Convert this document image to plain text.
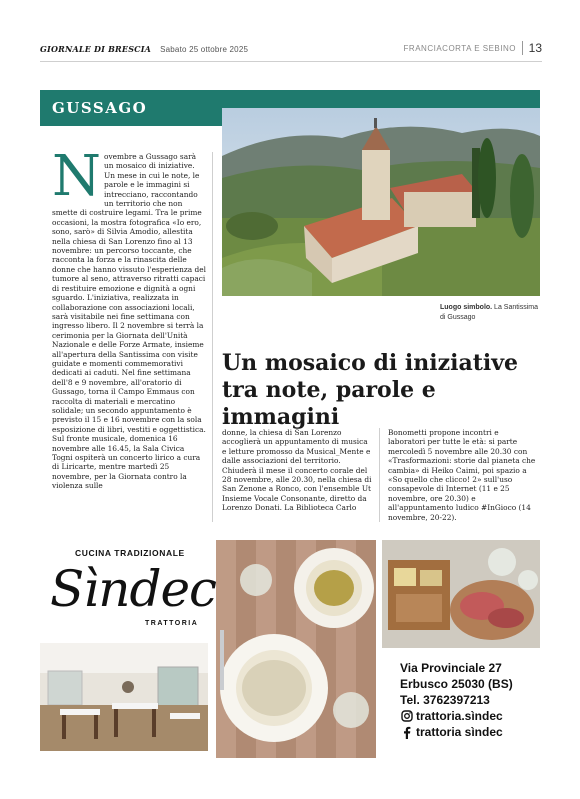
GIORNALE DI BRESCIA Sabato 25 ottobre 2025	FRANCIACORTA E SEBINO	13
GUSSAGO
Luogo simbolo. La Santissima di Gussago
N ovembre a Gussago sarà un mosaico di iniziative. Un mese in cui le note, le parole e le immagini si intrecciano, raccontando un territorio che non smette di costruire legami. Tra le prime occasioni, la mostra fotografica «Io ero, sono, sarò» di Silvia Amodio, allestita nella chiesa di San Lorenzo fino al 13 novembre: un percorso toccante, che racconta la forza e la rinascita delle donne che hanno vissuto l'esperienza del tumore al seno, attraverso ritratti capaci di restituire emozione e dignità a ogni sguardo. L'iniziativa, realizzata in collaborazione con associazioni locali, sarà visitabile nei fine settimana con ingresso libero. Il 2 novembre si terrà la cerimonia per la Giornata dell'Unità Nazionale e delle Forze Armate, insieme all'apertura della Santissima con visite guidate e momenti commemorativi dedicati ai caduti. Nel fine settimana dell'8 e 9 novembre, all'oratorio di Gussago, torna il Campo Emmaus con raccolta di materiali e mercatino solidale; un secondo appuntamento è previsto il 15 e 16 novembre con la sola esposizione di libri, vestiti e oggettistica. Sul fronte musicale, domenica 16 novembre alle 16.45, la Sala Civica Togni ospiterà un concerto lirico a cura di Liricarte, mentre martedì 25 novembre, per la Giornata contro la violenza sulle
Un mosaico di iniziative tra note, parole e immagini
donne, la chiesa di San Lorenzo accoglierà un appuntamento di musica e letture promosso da Musical_Mente e dalle associazioni del territorio. Chiuderà il mese il concerto corale del 28 novembre, alle 20.30, nella chiesa di San Zenone a Ronco, con l'ensemble Ut Insieme Vocale Consonante, diretto da Lorenzo Donati. La Biblioteca Carlo
Bonometti propone incontri e laboratori per tutte le età: si parte mercoledì 5 novembre alle 20.30 con «Trasformazioni: storie dal pianeta che cambia» di Heiko Caimi, poi spazio a «So quello che clicco! 2» sull'uso consapevole di Internet (11 e 25 novembre, ore 20.30) e all'appuntamento ludico #InGioco (14 novembre, 20-22).
CUCINA TRADIZIONALE
Sìndec
TRATTORIA
Via Provinciale 27
Erbusco 25030 (BS)
Tel. 3762397213
trattoria.sìndec
trattoria sìndec
